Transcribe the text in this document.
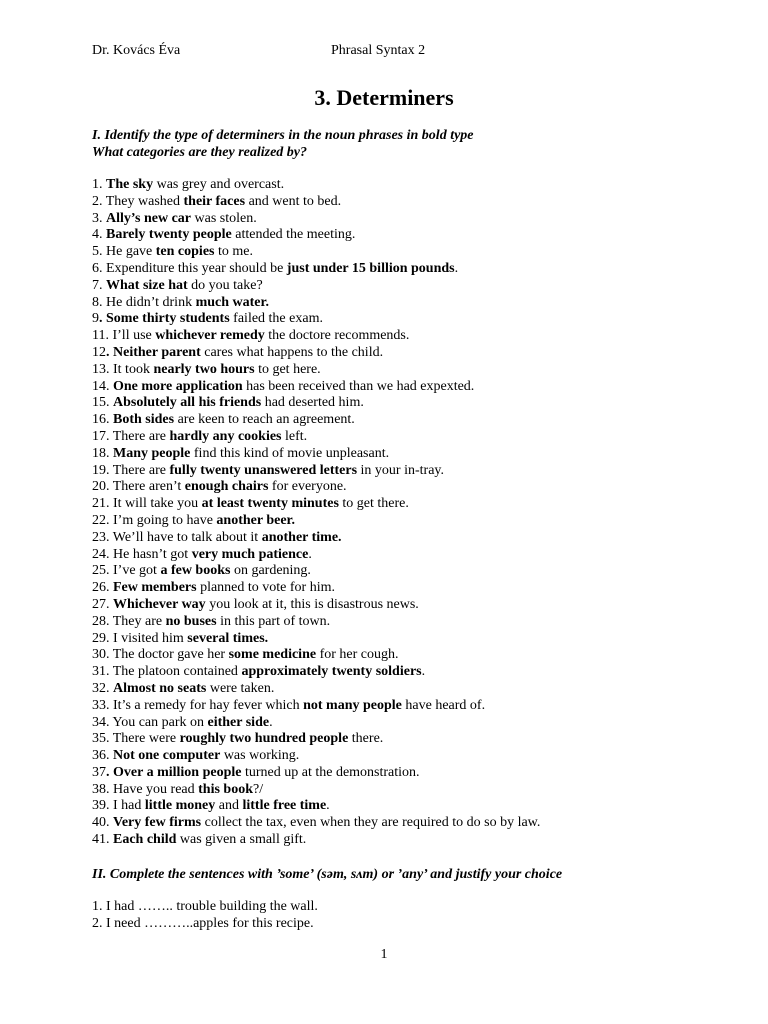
Dr. Kovács Éva	Phrasal Syntax 2
3. Determiners
I. Identify the type of determiners in the noun phrases in bold type
What categories are they realized by?
1. The sky was grey and overcast.
2. They washed their faces and went to bed.
3. Ally’s new car was stolen.
4. Barely twenty people attended the meeting.
5. He gave ten copies to me.
6. Expenditure this year should be just under 15 billion pounds.
7. What size hat do you take?
8. He didn’t drink much water.
9. Some thirty students failed the exam.
11. I’ll use whichever remedy the doctore recommends.
12. Neither parent cares what happens to the child.
13. It took nearly two hours to get here.
14. One more application has been received than we had expexted.
15. Absolutely all his friends had deserted him.
16. Both sides are keen to reach an agreement.
17. There are hardly any cookies left.
18. Many people find this kind of movie unpleasant.
19. There are fully twenty unanswered letters in your in-tray.
20. There aren’t enough chairs for everyone.
21. It will take you at least twenty minutes to get there.
22. I’m going to have another beer.
23. We’ll have to talk about it another time.
24. He hasn’t got very much patience.
25. I’ve got a few books on gardening.
26. Few members planned to vote for him.
27. Whichever way you look at it, this is disastrous news.
28. They are no buses in this part of town.
29. I visited him several times.
30. The doctor gave her some medicine for her cough.
31. The platoon contained approximately twenty soldiers.
32. Almost no seats were taken.
33. It’s a remedy for hay fever which not many people have heard of.
34. You can park on either side.
35. There were roughly two hundred people there.
36. Not one computer was working.
37. Over a million people turned up at the demonstration.
38. Have you read this book?/
39. I had little money and little free time.
40. Very few firms collect the tax, even when they are required to do so by law.
41. Each child was given a small gift.
II. Complete the sentences with ’some’ (səm, sʌm) or ’any’ and justify your choice
1. I had …….. trouble building the wall.
2. I need ………..apples for this recipe.
1
